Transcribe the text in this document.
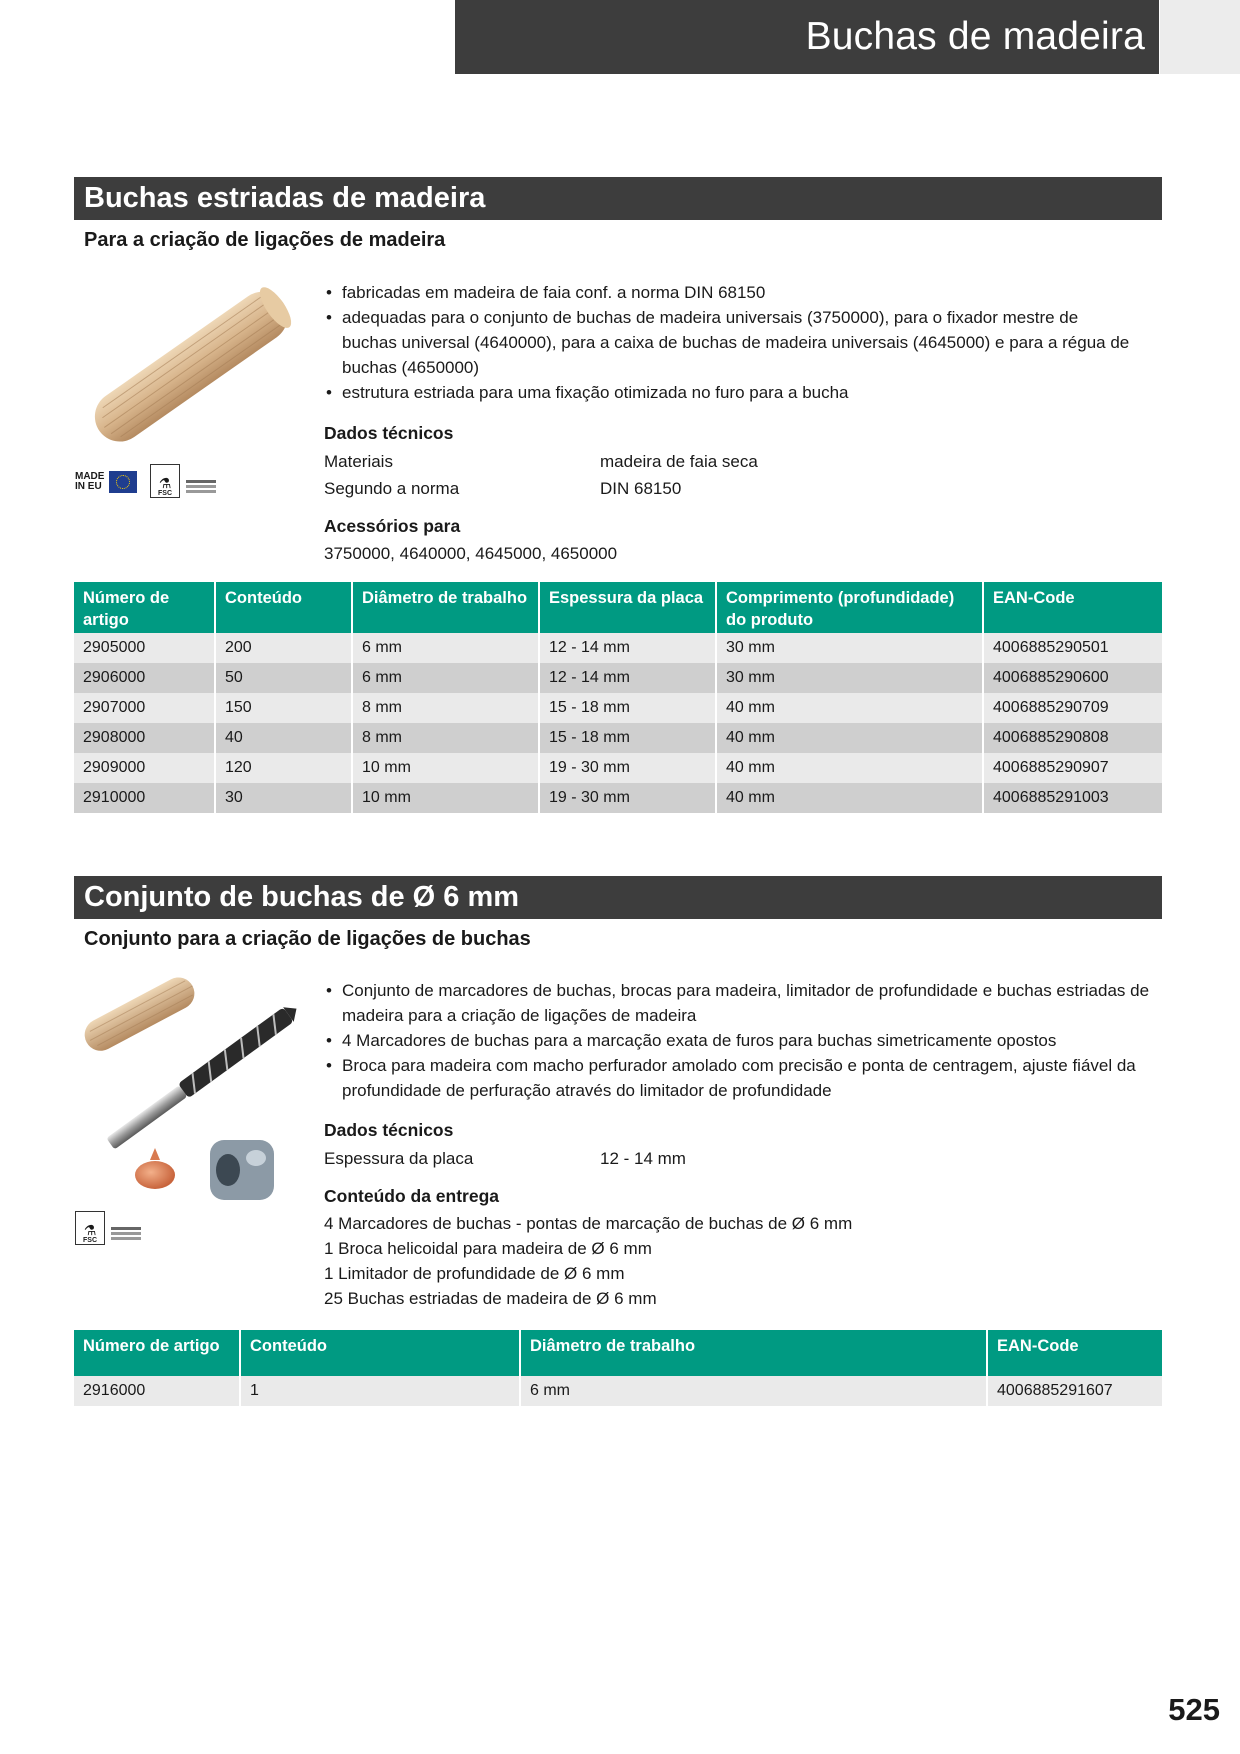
Buchas de madeira
Buchas estriadas de madeira
Para a criação de ligações de madeira
MADE IN EU	⚗
FSC
• fabricadas em madeira de faia conf. a norma DIN 68150
• adequadas para o conjunto de buchas de madeira universais (3750000), para o fixador mestre de buchas universal (4640000), para a caixa de buchas de madeira universais (4645000) e para a régua de buchas (4650000)
• estrutura estriada para uma fixação otimizada no furo para a bucha
Dados técnicos
Materiais	madeira de faia seca
Segundo a norma	DIN 68150
Acessórios para
3750000, 4640000, 4645000, 4650000
Número de artigo	Conteúdo	Diâmetro de trabalho	Espessura da placa	Comprimento (profundidade) do produto	EAN-Code
2905000	200	6 mm	12 - 14 mm	30 mm	4006885290501
2906000	50	6 mm	12 - 14 mm	30 mm	4006885290600
2907000	150	8 mm	15 - 18 mm	40 mm	4006885290709
2908000	40	8 mm	15 - 18 mm	40 mm	4006885290808
2909000	120	10 mm	19 - 30 mm	40 mm	4006885290907
2910000	30	10 mm	19 - 30 mm	40 mm	4006885291003
Conjunto de buchas de Ø 6 mm
Conjunto para a criação de ligações de buchas
⚗
FSC
• Conjunto de marcadores de buchas, brocas para madeira, limitador de profundidade e buchas estriadas de madeira para a criação de ligações de madeira
• 4 Marcadores de buchas para a marcação exata de furos para buchas simetricamente opostos
• Broca para madeira com macho perfurador amolado com precisão e ponta de centragem, ajuste fiável da profundidade de perfuração através do limitador de profundidade
Dados técnicos
Espessura da placa	12 - 14 mm
Conteúdo da entrega
4 Marcadores de buchas - pontas de marcação de buchas de Ø 6 mm
1 Broca helicoidal para madeira de Ø 6 mm
1 Limitador de profundidade de Ø 6 mm
25 Buchas estriadas de madeira de Ø 6 mm
Número de artigo	Conteúdo	Diâmetro de trabalho	EAN-Code
2916000	1	6 mm	4006885291607
525
